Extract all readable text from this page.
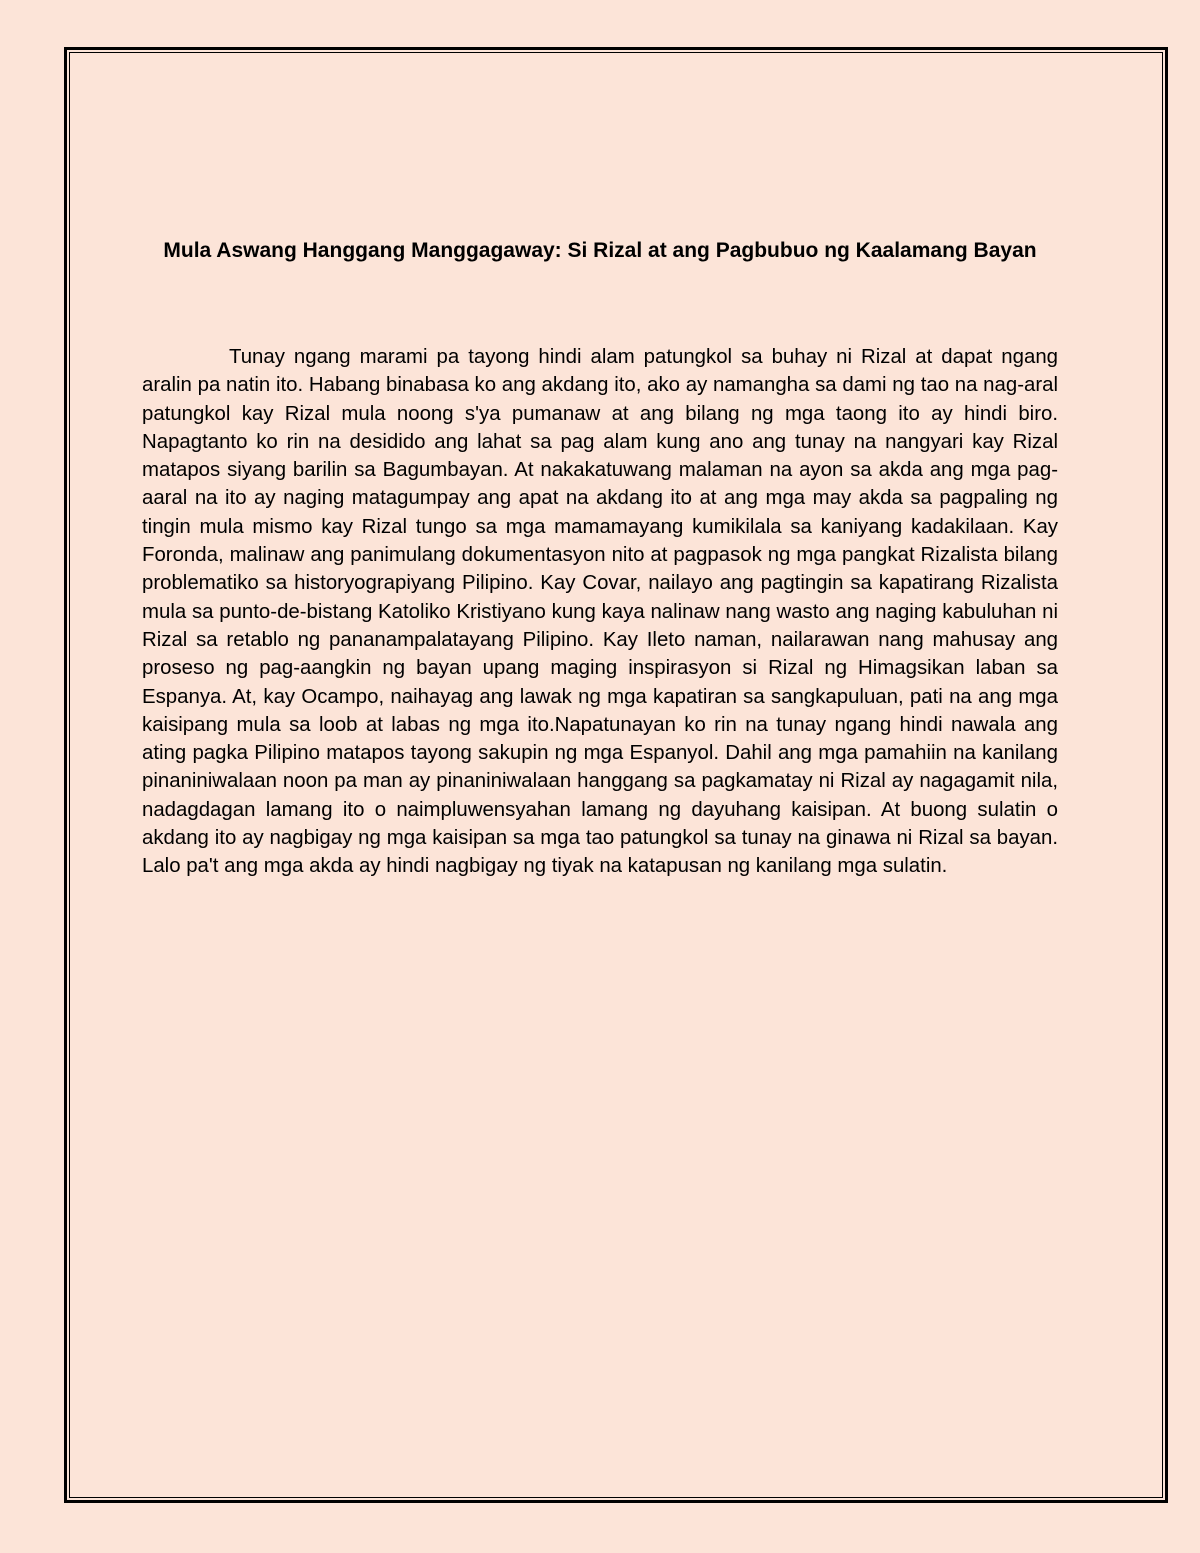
Mula Aswang Hanggang Manggagaway: Si Rizal at ang Pagbubuo ng Kaalamang Bayan

Tunay ngang marami pa tayong hindi alam patungkol sa buhay ni Rizal at dapat ngang aralin pa natin ito. Habang binabasa ko ang akdang ito, ako ay namangha sa dami ng tao na nag-aral patungkol kay Rizal mula noong s'ya pumanaw at ang bilang ng mga taong ito ay hindi biro. Napagtanto ko rin na desidido ang lahat sa pag alam kung ano ang tunay na nangyari kay Rizal matapos siyang barilin sa Bagumbayan. At nakakatuwang malaman na ayon sa akda ang mga pag-aaral na ito ay naging matagumpay ang apat na akdang ito at ang mga may akda sa pagpaling ng tingin mula mismo kay Rizal tungo sa mga mamamayang kumikilala sa kaniyang kadakilaan. Kay Foronda, malinaw ang panimulang dokumentasyon nito at pagpasok ng mga pangkat Rizalista bilang problematiko sa historyograpiyang Pilipino. Kay Covar, nailayo ang pagtingin sa kapatirang Rizalista mula sa punto-de-bistang Katoliko Kristiyano kung kaya nalinaw nang wasto ang naging kabuluhan ni Rizal sa retablo ng pananampalatayang Pilipino. Kay Ileto naman, nailarawan nang mahusay ang proseso ng pag-aangkin ng bayan upang maging inspirasyon si Rizal ng Himagsikan laban sa Espanya. At, kay Ocampo, naihayag ang lawak ng mga kapatiran sa sangkapuluan, pati na ang mga kaisipang mula sa loob at labas ng mga ito.Napatunayan ko rin na tunay ngang hindi nawala ang ating pagka Pilipino matapos tayong sakupin ng mga Espanyol. Dahil ang mga pamahiin na kanilang pinaniniwalaan noon pa man ay pinaniniwalaan hanggang sa pagkamatay ni Rizal ay nagagamit nila, nadagdagan lamang ito o naimpluwensyahan lamang ng dayuhang kaisipan. At buong sulatin o akdang ito ay nagbigay ng mga kaisipan sa mga tao patungkol sa tunay na ginawa ni Rizal sa bayan. Lalo pa't ang mga akda ay hindi nagbigay ng tiyak na katapusan ng kanilang mga sulatin.
